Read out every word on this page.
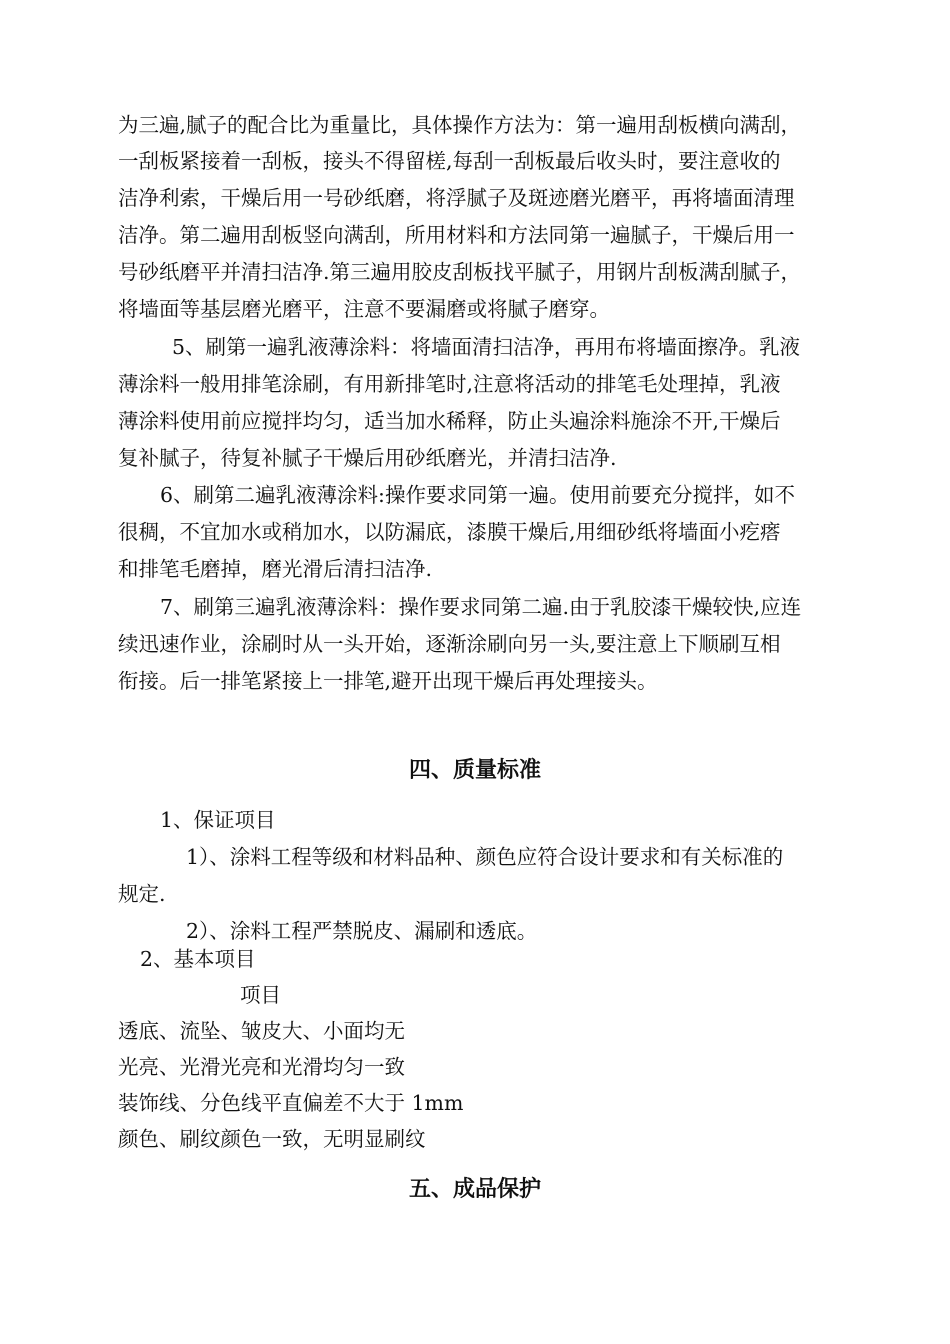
为三遍,腻子的配合比为重量比，具体操作方法为：第一遍用刮板横向满刮，
一刮板紧接着一刮板，接头不得留槎,每刮一刮板最后收头时，要注意收的
洁净利索，干燥后用一号砂纸磨，将浮腻子及斑迹磨光磨平，再将墙面清理
洁净。第二遍用刮板竖向满刮，所用材料和方法同第一遍腻子，干燥后用一
号砂纸磨平并清扫洁净.第三遍用胶皮刮板找平腻子，用钢片刮板满刮腻子，
将墙面等基层磨光磨平，注意不要漏磨或将腻子磨穿。
5、刷第一遍乳液薄涂料：将墙面清扫洁净，再用布将墙面擦净。乳液
薄涂料一般用排笔涂刷，有用新排笔时,注意将活动的排笔毛处理掉，乳液
薄涂料使用前应搅拌均匀，适当加水稀释，防止头遍涂料施涂不开,干燥后
复补腻子，待复补腻子干燥后用砂纸磨光，并清扫洁净.
6、刷第二遍乳液薄涂料:操作要求同第一遍。使用前要充分搅拌，如不
很稠，不宜加水或稍加水，以防漏底，漆膜干燥后,用细砂纸将墙面小疙瘩
和排笔毛磨掉，磨光滑后清扫洁净.
7、刷第三遍乳液薄涂料：操作要求同第二遍.由于乳胶漆干燥较快,应连
续迅速作业，涂刷时从一头开始，逐渐涂刷向另一头,要注意上下顺刷互相
衔接。后一排笔紧接上一排笔,避开出现干燥后再处理接头。
四、质量标准
1、保证项目
1）、涂料工程等级和材料品种、颜色应符合设计要求和有关标准的
规定.
2）、涂料工程严禁脱皮、漏刷和透底。
2、基本项目
项目
透底、流坠、皱皮大、小面均无
光亮、光滑光亮和光滑均匀一致
装饰线、分色线平直偏差不大于 1mm
颜色、刷纹颜色一致，无明显刷纹
五、成品保护
